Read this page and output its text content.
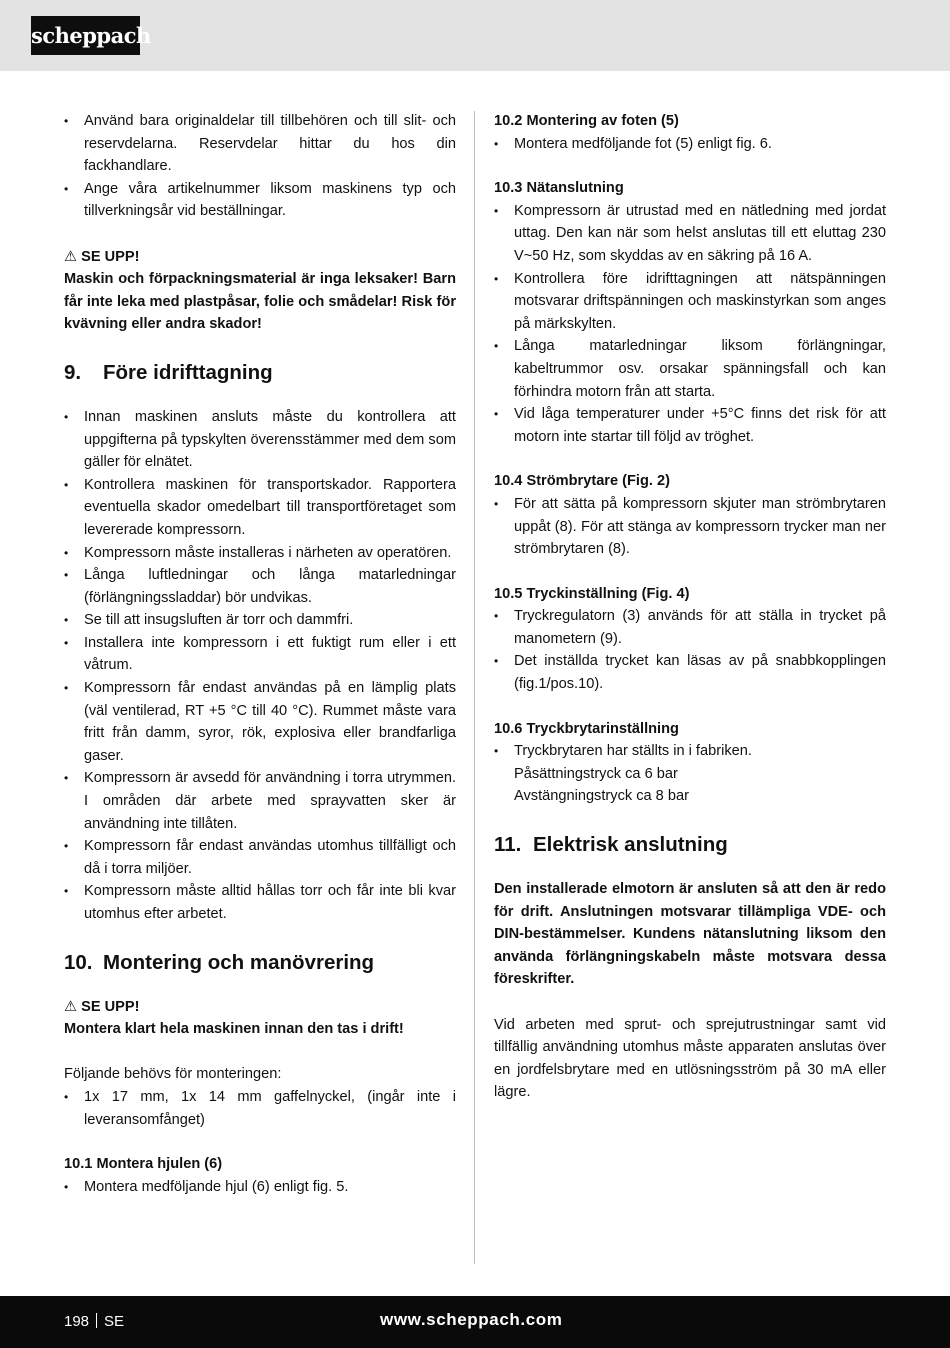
scheppach
• Använd bara originaldelar till tillbehören och till slit- och reservdelarna. Reservdelar hittar du hos din fackhandlare.
• Ange våra artikelnummer liksom maskinens typ och tillverkningsår vid beställningar.

⚠ SE UPP!

Maskin och förpackningsmaterial är inga leksaker! Barn får inte leka med plastpåsar, folie och smådelar! Risk för kvävning eller andra skador!

9. Före idrifttagning
• Innan maskinen ansluts måste du kontrollera att uppgifterna på typskylten överensstämmer med dem som gäller för elnätet.
• Kontrollera maskinen för transportskador. Rapportera eventuella skador omedelbart till transportföretaget som levererade kompressorn.
• Kompressorn måste installeras i närheten av operatören.
• Långa luftledningar och långa matarledningar (förlängningssladdar) bör undvikas.
• Se till att insugsluften är torr och dammfri.
• Installera inte kompressorn i ett fuktigt rum eller i ett våtrum.
• Kompressorn får endast användas på en lämplig plats (väl ventilerad, RT +5 °C till 40 °C). Rummet måste vara fritt från damm, syror, rök, explosiva eller brandfarliga gaser.
• Kompressorn är avsedd för användning i torra utrymmen. I områden där arbete med sprayvatten sker är användning inte tillåten.
• Kompressorn får endast användas utomhus tillfälligt och då i torra miljöer.
• Kompressorn måste alltid hållas torr och får inte bli kvar utomhus efter arbetet.
10. Montering och manövrering

⚠ SE UPP!

Montera klart hela maskinen innan den tas i drift!

Följande behövs för monteringen:

• 1x 17 mm, 1x 14 mm gaffelnyckel, (ingår inte i leveransomfånget)

10.1 Montera hjulen (6)

• Montera medföljande hjul (6) enligt fig. 5.

10.2 Montering av foten (5)

• Montera medföljande fot (5) enligt fig. 6.

10.3 Nätanslutning

• Kompressorn är utrustad med en nätledning med jordat uttag. Den kan när som helst anslutas till ett eluttag 230 V~50 Hz, som skyddas av en säkring på 16 A.
• Kontrollera före idrifttagningen att nätspänningen motsvarar driftspänningen och maskinstyrkan som anges på märkskylten.
• Långa matarledningar liksom förlängningar, kabeltrummor osv. orsakar spänningsfall och kan förhindra motorn från att starta.
• Vid låga temperaturer under +5°C finns det risk för att motorn inte startar till följd av tröghet.

10.4 Strömbrytare (Fig. 2)

• För att sätta på kompressorn skjuter man strömbrytaren uppåt (8). För att stänga av kompressorn trycker man ner strömbrytaren (8).

10.5 Tryckinställning (Fig. 4)

• Tryckregulatorn (3) används för att ställa in trycket på manometern (9).
• Det inställda trycket kan läsas av på snabbkopplingen (fig.1/pos.10).

10.6 Tryckbrytarinställning

• Tryckbrytaren har ställts in i fabriken.
Påsättningstryck ca 6 bar
Avstängningstryck ca 8 bar
11. Elektrisk anslutning

Den installerade elmotorn är ansluten så att den är redo för drift. Anslutningen motsvarar tillämpliga VDE- och DIN-bestämmelser. Kundens nätanslutning liksom den använda förlängningskabeln måste motsvara dessa föreskrifter.

Vid arbeten med sprut- och sprejutrustningar samt vid tillfällig användning utomhus måste apparaten anslutas över en jordfelsbrytare med en utlösningsström på 30 mA eller lägre.

198 SE	www.scheppach.com
